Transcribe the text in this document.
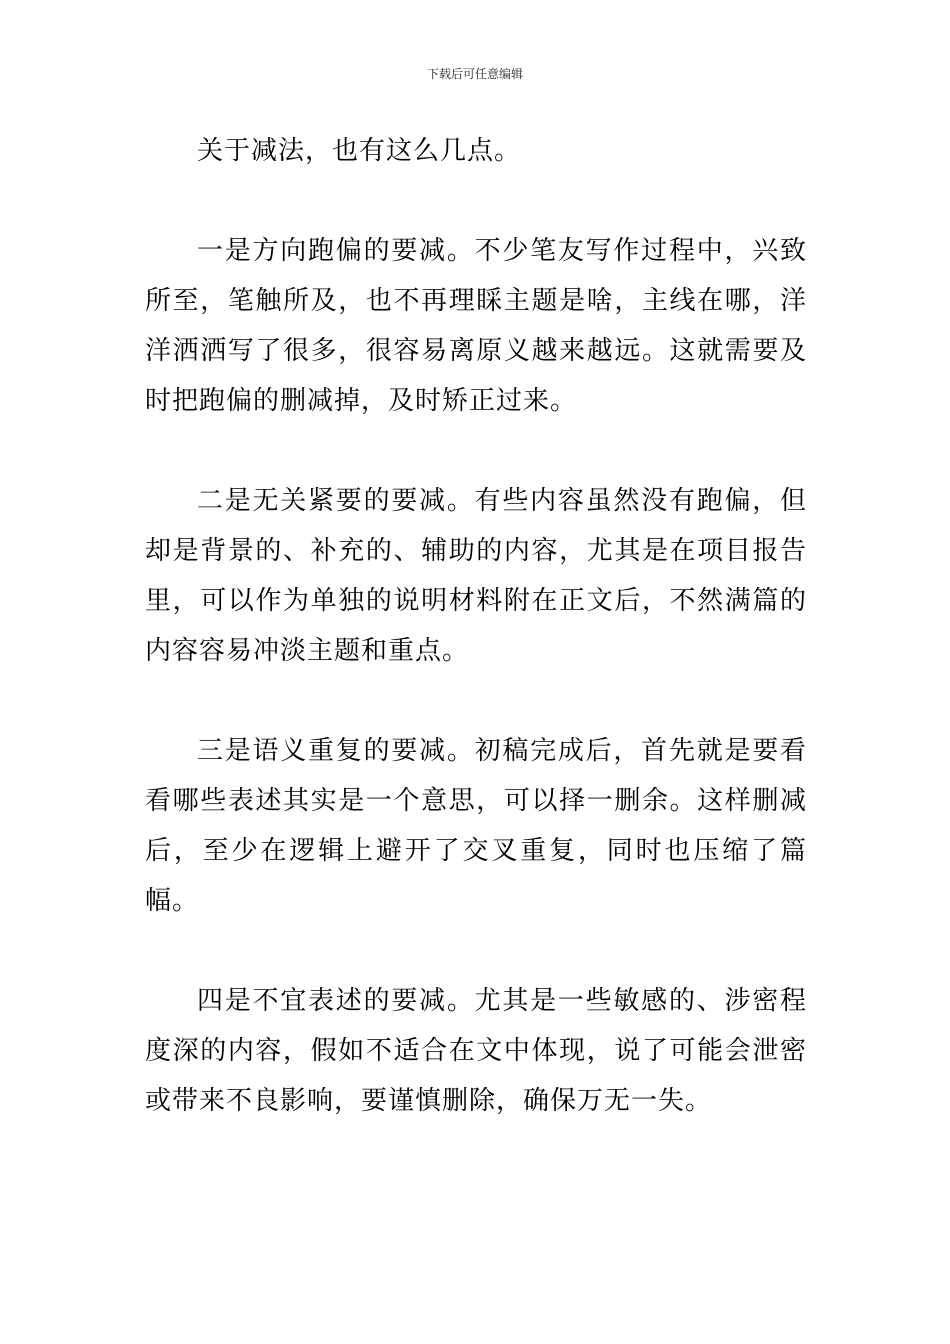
下载后可任意编辑

关于减法，也有这么几点。

一是方向跑偏的要减。不少笔友写作过程中，兴致所至，笔触所及，也不再理睬主题是啥，主线在哪，洋洋洒洒写了很多，很容易离原义越来越远。这就需要及时把跑偏的删减掉，及时矫正过来。

二是无关紧要的要减。有些内容虽然没有跑偏，但却是背景的、补充的、辅助的内容，尤其是在项目报告里，可以作为单独的说明材料附在正文后，不然满篇的内容容易冲淡主题和重点。

三是语义重复的要减。初稿完成后，首先就是要看看哪些表述其实是一个意思，可以择一删余。这样删减后，至少在逻辑上避开了交叉重复，同时也压缩了篇幅。

四是不宜表述的要减。尤其是一些敏感的、涉密程度深的内容，假如不适合在文中体现，说了可能会泄密或带来不良影响，要谨慎删除，确保万无一失。
